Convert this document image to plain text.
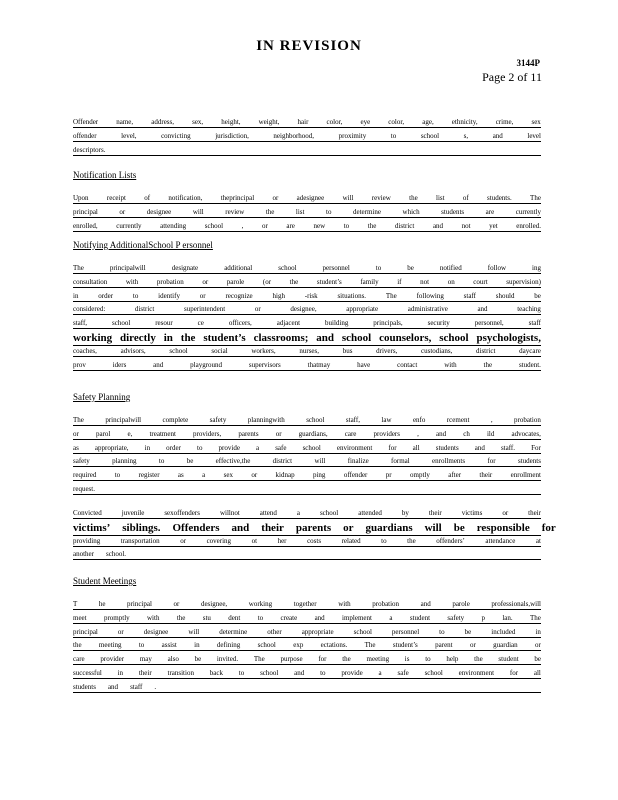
IN REVISION
3144P
Page 2 of 11
Offender	name,	address,	sex,	height,	weight,	hair	color,	eye	color,	age,	ethnicity,	crime,	sex
offender	level,	convicting	jurisdiction,	neighborhood,	proximity	to	school	s,	and	level
descriptors.
Notification Lists
Upon	receipt	of	notification,	theprincipal	or	adesignee	will	review	the	list	of	students.	The
principal	or	designee	will	review	the	list	to	determine	which	students	are	currently
enrolled,	currently	attending	school	,	or	are	new	to	the	district	and	not	yet	enrolled.
Notifying AdditionalSchool P ersonnel
The	principalwill	designate	additional	school	personnel	to	be	notified	follow	ing
consultation	with	probation	or	parole	(or	the	student’s	family	if	not	on	court	supervision)
in	order	to	identify	or	recognize	high	-risk	situations.	The	following	staff	should	be
considered:	district	superintendent	or	designee,	appropriate	administrative	and	teaching
staff,	school	resour	ce	officers,	adjacent	building	principals,	security	personnel,	staff
working directly in the student’s classrooms; and school counselors, school psychologists,
coaches,	advisors,	school	social	workers,	nurses,	bus	drivers,	custodians,	district	daycare
prov	iders	and	playground	supervisors	thatmay	have	contact	with	the	student.
Safety Planning
The	principalwill	complete	safety	planningwith	school	staff,	law	enfo	rcement	,	probation
or parol e, treatment providers, parents or guardians, care providers , and ch ild advocates,
as appropriate, in order to provide a safe school environment for all students and staff. For
safety	planning	to	be	effective,the	district	will	finalize	formal	enrollments	for	students
required	to	register	as	a	sex	or	kidnap	ping	offender	pr	omptly	after	their	enrollment
request.
Convicted	juvenile	sexoffenders	willnot	attend	a	school	attended	by	their	victims	or	their
victims’ siblings. Offenders and their parents or guardians will be responsible for
providing	transportation	or	covering	ot	her	costs	related	to	the	offenders’	attendance	at
another school.
Student Meetings
T	he	principal	or	designee,	working	together	with	probation	and	parole	professionals,will
meet promptly with the stu dent to create and implement a student safety p lan. The
principal	or	designee	will	determine	other	appropriate	school	personnel	to	be	included	in
the meeting to assist in defining school exp ectations. The student’s parent or guardian or
care provider may also be invited. The purpose for the meeting is to help the student be
successful in their transition back to school and to provide a safe school environment for all
students and staff .
